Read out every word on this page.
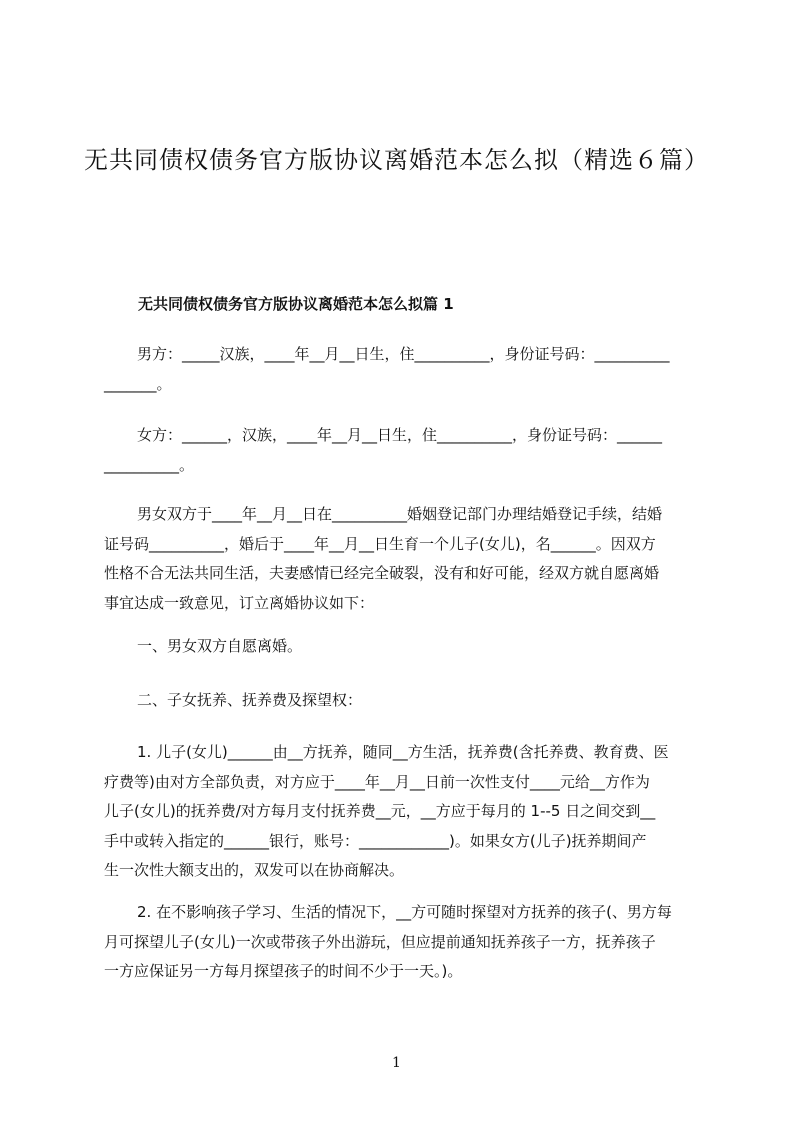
无共同债权债务官方版协议离婚范本怎么拟（精选６篇）
无共同债权债务官方版协议离婚范本怎么拟篇 1
男方：_____汉族，____年__月__日生，住__________，身份证号码：__________
_______。
女方：______，汉族，____年__月__日生，住__________，身份证号码：______
__________。
男女双方于____年__月__日在__________婚姻登记部门办理结婚登记手续，结婚
证号码__________，婚后于____年__月__日生育一个儿子(女儿)，名______。因双方
性格不合无法共同生活，夫妻感情已经完全破裂，没有和好可能，经双方就自愿离婚
事宜达成一致意见，订立离婚协议如下：
一、男女双方自愿离婚。
二、子女抚养、抚养费及探望权：
1. 儿子(女儿)______由__方抚养，随同__方生活，抚养费(含托养费、教育费、医
疗费等)由对方全部负责，对方应于____年__月__日前一次性支付____元给__方作为
儿子(女儿)的抚养费/对方每月支付抚养费__元，__方应于每月的 1--5 日之间交到__
手中或转入指定的______银行，账号：____________)。如果女方(儿子)抚养期间产
生一次性大额支出的，双发可以在协商解决。
2. 在不影响孩子学习、生活的情况下，__方可随时探望对方抚养的孩子(、男方每
月可探望儿子(女儿)一次或带孩子外出游玩，但应提前通知抚养孩子一方，抚养孩子
一方应保证另一方每月探望孩子的时间不少于一天。)。
1
